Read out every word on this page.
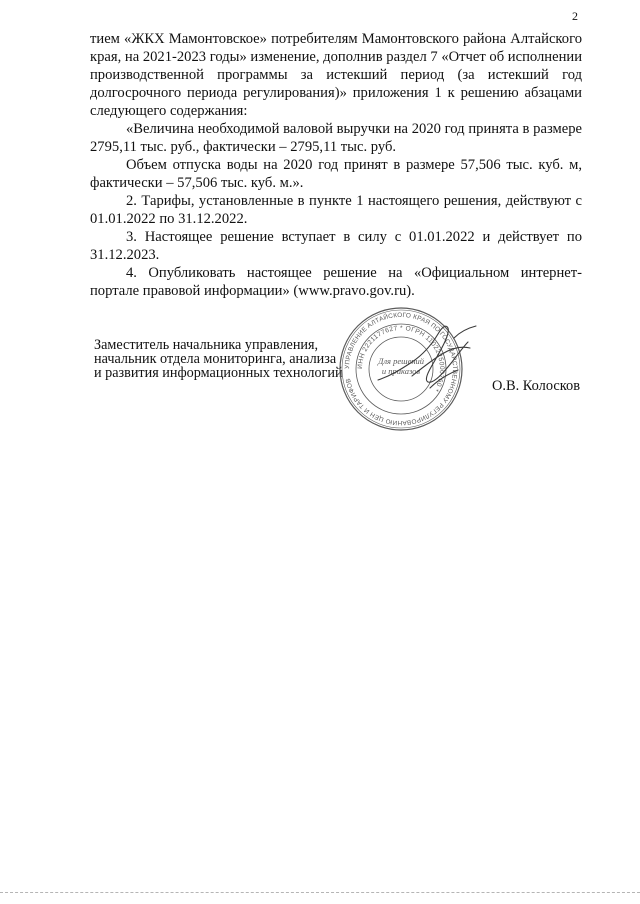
2

тием «ЖКХ Мамонтовское» потребителям Мамонтовского района Алтайского края, на 2021-2023 годы» изменение, дополнив раздел 7 «Отчет об исполнении производственной программы за истекший период (за истекший год долгосрочного периода регулирования)» приложения 1 к решению абзацами следующего содержания:

«Величина необходимой валовой выручки на 2020 год принята в размере 2795,11 тыс. руб., фактически – 2795,11 тыс. руб.

Объем отпуска воды на 2020 год принят в размере 57,506 тыс. куб. м, фактически – 57,506 тыс. куб. м.».

2. Тарифы, установленные в пункте 1 настоящего решения, действуют с 01.01.2022 по 31.12.2022.

3. Настоящее решение вступает в силу с 01.01.2022 и действует по 31.12.2023.

4. Опубликовать настоящее решение на «Официальном интернет-портале правовой информации» (www.pravo.gov.ru).

Заместитель начальника управления,
начальник отдела мониторинга, анализа
и развития информационных технологий УПРАВЛЕНИЕ АЛТАЙСКОГО КРАЯ ПО ГОСУДАРСТВЕННОМУ РЕГУЛИРОВАНИЮ ЦЕН И ТАРИФОВ
ИНН 2221177627 * ОГРН 1102225000760 *
Для решений и приказов
О.В. Колосков
